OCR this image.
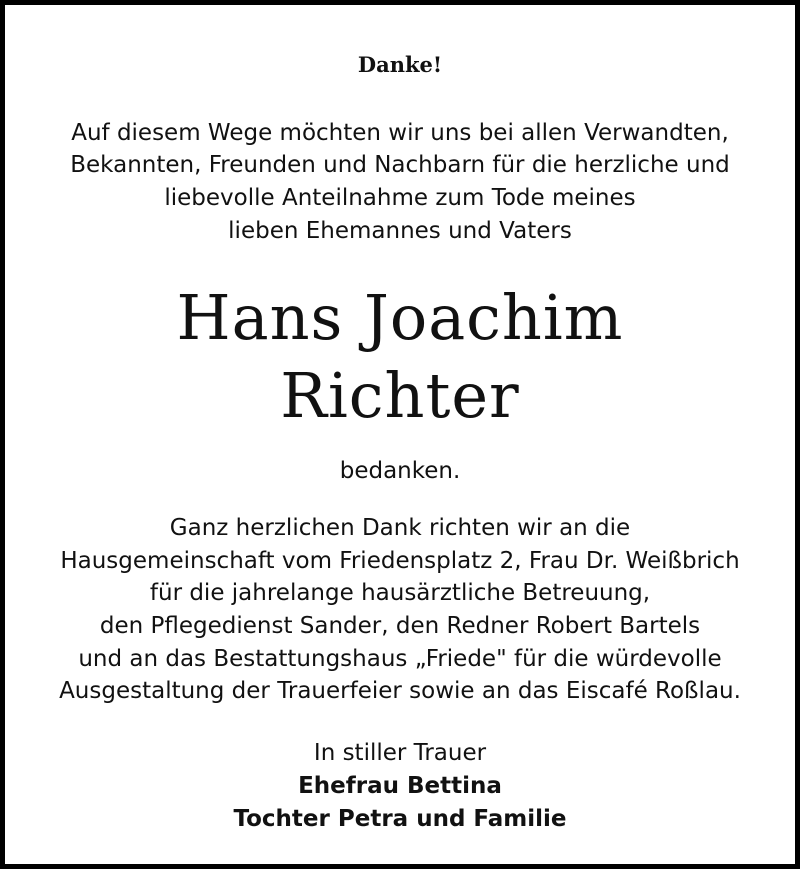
Danke!
Auf diesem Wege möchten wir uns bei allen Verwandten,
Bekannten, Freunden und Nachbarn für die herzliche und
liebevolle Anteilnahme zum Tode meines
lieben Ehemannes und Vaters
Hans Joachim
Richter
bedanken.
Ganz herzlichen Dank richten wir an die
Hausgemeinschaft vom Friedensplatz 2, Frau Dr. Weißbrich
für die jahrelange hausärztliche Betreuung,
den Pflegedienst Sander, den Redner Robert Bartels
und an das Bestattungshaus „Friede" für die würdevolle
Ausgestaltung der Trauerfeier sowie an das Eiscafé Roßlau.
In stiller Trauer
Ehefrau Bettina
Tochter Petra und Familie
